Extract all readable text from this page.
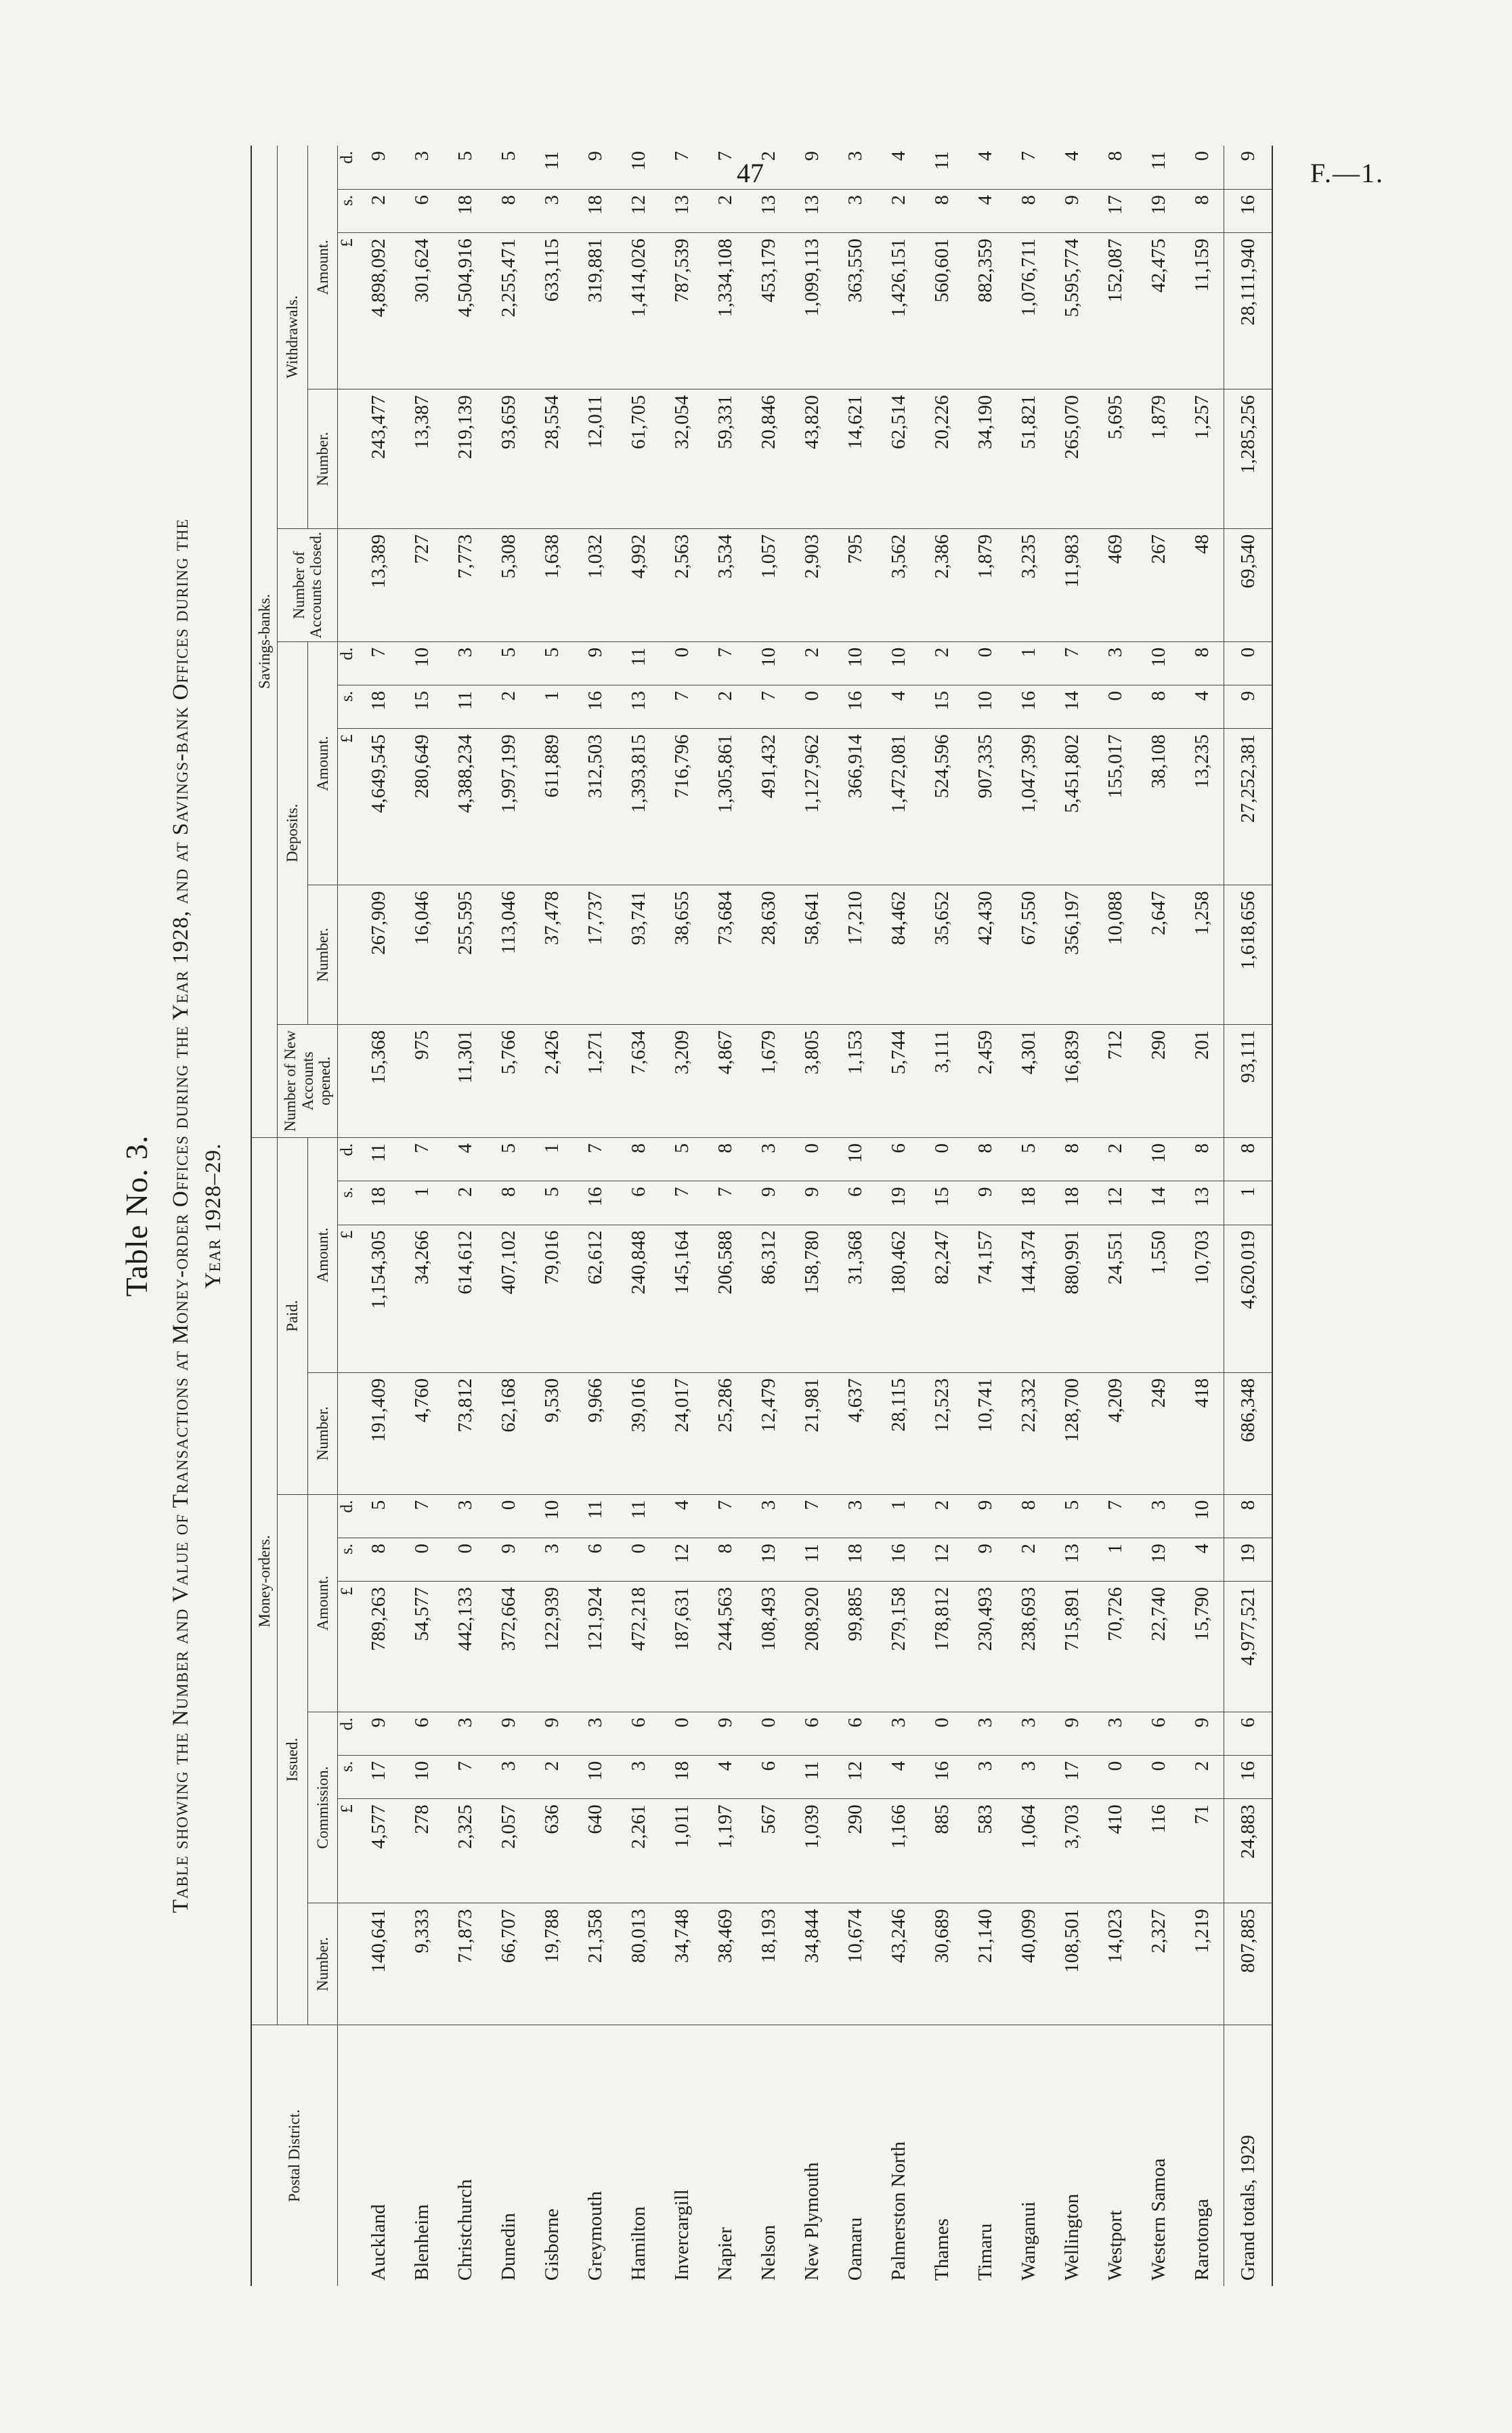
47	F.—1.
Table No. 3. Table showing the Number and Value of Transactions at Money-order Offices during the Year 1928, and at Savings-bank Offices during the Year 1928–29.
Postal District.	Money-orders.											Savings-banks.									
	Issued.							Paid.				Number of New Accounts opened.	Deposits.				Number of Accounts closed.	Withdrawals.			
	Number.	Commission.			Amount.			Number.	Amount.				Number.	Amount.				Number.	Amount.		
		£	s.	d.	£	s.	d.		£	s.	d.			£	s.	d.			£	s.	d.
Auckland	140,641	4,577	17	9	789,263	8	5	191,409	1,154,305	18	11	15,368	267,909	4,649,545	18	7	13,389	243,477	4,898,092	2	9
Blenheim	9,333	278	10	6	54,577	0	7	4,760	34,266	1	7	975	16,046	280,649	15	10	727	13,387	301,624	6	3
Christchurch	71,873	2,325	7	3	442,133	0	3	73,812	614,612	2	4	11,301	255,595	4,388,234	11	3	7,773	219,139	4,504,916	18	5
Dunedin	66,707	2,057	3	9	372,664	9	0	62,168	407,102	8	5	5,766	113,046	1,997,199	2	5	5,308	93,659	2,255,471	8	5
Gisborne	19,788	636	2	9	122,939	3	10	9,530	79,016	5	1	2,426	37,478	611,889	1	5	1,638	28,554	633,115	3	11
Greymouth	21,358	640	10	3	121,924	6	11	9,966	62,612	16	7	1,271	17,737	312,503	16	9	1,032	12,011	319,881	18	9
Hamilton	80,013	2,261	3	6	472,218	0	11	39,016	240,848	6	8	7,634	93,741	1,393,815	13	11	4,992	61,705	1,414,026	12	10
Invercargill	34,748	1,011	18	0	187,631	12	4	24,017	145,164	7	5	3,209	38,655	716,796	7	0	2,563	32,054	787,539	13	7
Napier	38,469	1,197	4	9	244,563	8	7	25,286	206,588	7	8	4,867	73,684	1,305,861	2	7	3,534	59,331	1,334,108	2	7
Nelson	18,193	567	6	0	108,493	19	3	12,479	86,312	9	3	1,679	28,630	491,432	7	10	1,057	20,846	453,179	13	2
New Plymouth	34,844	1,039	11	6	208,920	11	7	21,981	158,780	9	0	3,805	58,641	1,127,962	0	2	2,903	43,820	1,099,113	13	9
Oamaru	10,674	290	12	6	99,885	18	3	4,637	31,368	6	10	1,153	17,210	366,914	16	10	795	14,621	363,550	3	3
Palmerston North	43,246	1,166	4	3	279,158	16	1	28,115	180,462	19	6	5,744	84,462	1,472,081	4	10	3,562	62,514	1,426,151	2	4
Thames	30,689	885	16	0	178,812	12	2	12,523	82,247	15	0	3,111	35,652	524,596	15	2	2,386	20,226	560,601	8	11
Timaru	21,140	583	3	3	230,493	9	9	10,741	74,157	9	8	2,459	42,430	907,335	10	0	1,879	34,190	882,359	4	4
Wanganui	40,099	1,064	3	3	238,693	2	8	22,332	144,374	18	5	4,301	67,550	1,047,399	16	1	3,235	51,821	1,076,711	8	7
Wellington	108,501	3,703	17	9	715,891	13	5	128,700	880,991	18	8	16,839	356,197	5,451,802	14	7	11,983	265,070	5,595,774	9	4
Westport	14,023	410	0	3	70,726	1	7	4,209	24,551	12	2	712	10,088	155,017	0	3	469	5,695	152,087	17	8
Western Samoa	2,327	116	0	6	22,740	19	3	249	1,550	14	10	290	2,647	38,108	8	10	267	1,879	42,475	19	11
Rarotonga	1,219	71	2	9	15,790	4	10	418	10,703	13	8	201	1,258	13,235	4	8	48	1,257	11,159	8	0
Grand totals, 1929	807,885	24,883	16	6	4,977,521	19	8	686,348	4,620,019	1	8	93,111	1,618,656	27,252,381	9	0	69,540	1,285,256	28,111,940	16	9
